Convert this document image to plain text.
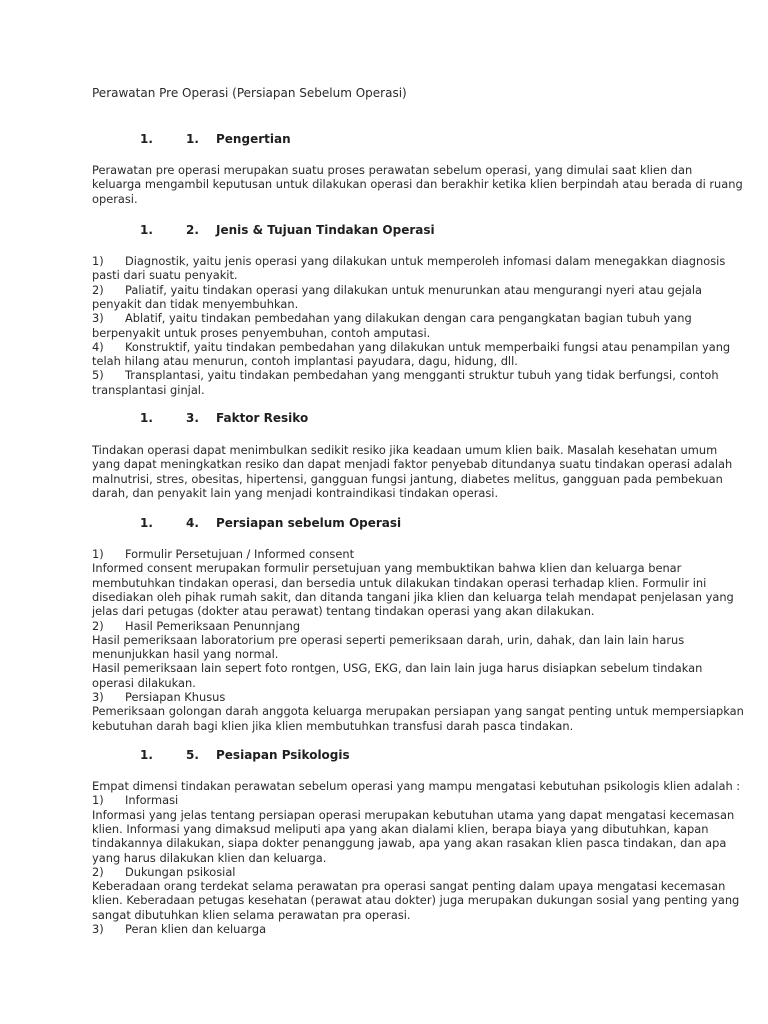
Perawatan Pre Operasi (Persiapan Sebelum Operasi)
1.	1. Pengertian
Perawatan pre operasi merupakan suatu proses perawatan sebelum operasi, yang dimulai saat klien dan
keluarga mengambil keputusan untuk dilakukan operasi dan berakhir ketika klien berpindah atau berada di ruang
operasi.
1.	2. Jenis & Tujuan Tindakan Operasi
1) Diagnostik, yaitu jenis operasi yang dilakukan untuk memperoleh infomasi dalam menegakkan diagnosis
pasti dari suatu penyakit.
2) Paliatif, yaitu tindakan operasi yang dilakukan untuk menurunkan atau mengurangi nyeri atau gejala
penyakit dan tidak menyembuhkan.
3) Ablatif, yaitu tindakan pembedahan yang dilakukan dengan cara pengangkatan bagian tubuh yang
berpenyakit untuk proses penyembuhan, contoh amputasi.
4) Konstruktif, yaitu tindakan pembedahan yang dilakukan untuk memperbaiki fungsi atau penampilan yang
telah hilang atau menurun, contoh implantasi payudara, dagu, hidung, dll.
5) Transplantasi, yaitu tindakan pembedahan yang mengganti struktur tubuh yang tidak berfungsi, contoh
transplantasi ginjal.
1.	3. Faktor Resiko
Tindakan operasi dapat menimbulkan sedikit resiko jika keadaan umum klien baik. Masalah kesehatan umum
yang dapat meningkatkan resiko dan dapat menjadi faktor penyebab ditundanya suatu tindakan operasi adalah
malnutrisi, stres, obesitas, hipertensi, gangguan fungsi jantung, diabetes melitus, gangguan pada pembekuan
darah, dan penyakit lain yang menjadi kontraindikasi tindakan operasi.
1.	4. Persiapan sebelum Operasi
1) Formulir Persetujuan / Informed consent
Informed consent merupakan formulir persetujuan yang membuktikan bahwa klien dan keluarga benar
membutuhkan tindakan operasi, dan bersedia untuk dilakukan tindakan operasi terhadap klien. Formulir ini
disediakan oleh pihak rumah sakit, dan ditanda tangani jika klien dan keluarga telah mendapat penjelasan yang
jelas dari petugas (dokter atau perawat) tentang tindakan operasi yang akan dilakukan.
2) Hasil Pemeriksaan Penunnjang
Hasil pemeriksaan laboratorium pre operasi seperti pemeriksaan darah, urin, dahak, dan lain lain harus
menunjukkan hasil yang normal.
Hasil pemeriksaan lain sepert foto rontgen, USG, EKG, dan lain lain juga harus disiapkan sebelum tindakan
operasi dilakukan.
3) Persiapan Khusus
Pemeriksaan golongan darah anggota keluarga merupakan persiapan yang sangat penting untuk mempersiapkan
kebutuhan darah bagi klien jika klien membutuhkan transfusi darah pasca tindakan.
1.	5. Pesiapan Psikologis
Empat dimensi tindakan perawatan sebelum operasi yang mampu mengatasi kebutuhan psikologis klien adalah :
1) Informasi
Informasi yang jelas tentang persiapan operasi merupakan kebutuhan utama yang dapat mengatasi kecemasan
klien. Informasi yang dimaksud meliputi apa yang akan dialami klien, berapa biaya yang dibutuhkan, kapan
tindakannya dilakukan, siapa dokter penanggung jawab, apa yang akan rasakan klien pasca tindakan, dan apa
yang harus dilakukan klien dan keluarga.
2) Dukungan psikosial
Keberadaan orang terdekat selama perawatan pra operasi sangat penting dalam upaya mengatasi kecemasan
klien. Keberadaan petugas kesehatan (perawat atau dokter) juga merupakan dukungan sosial yang penting yang
sangat dibutuhkan klien selama perawatan pra operasi.
3) Peran klien dan keluarga
